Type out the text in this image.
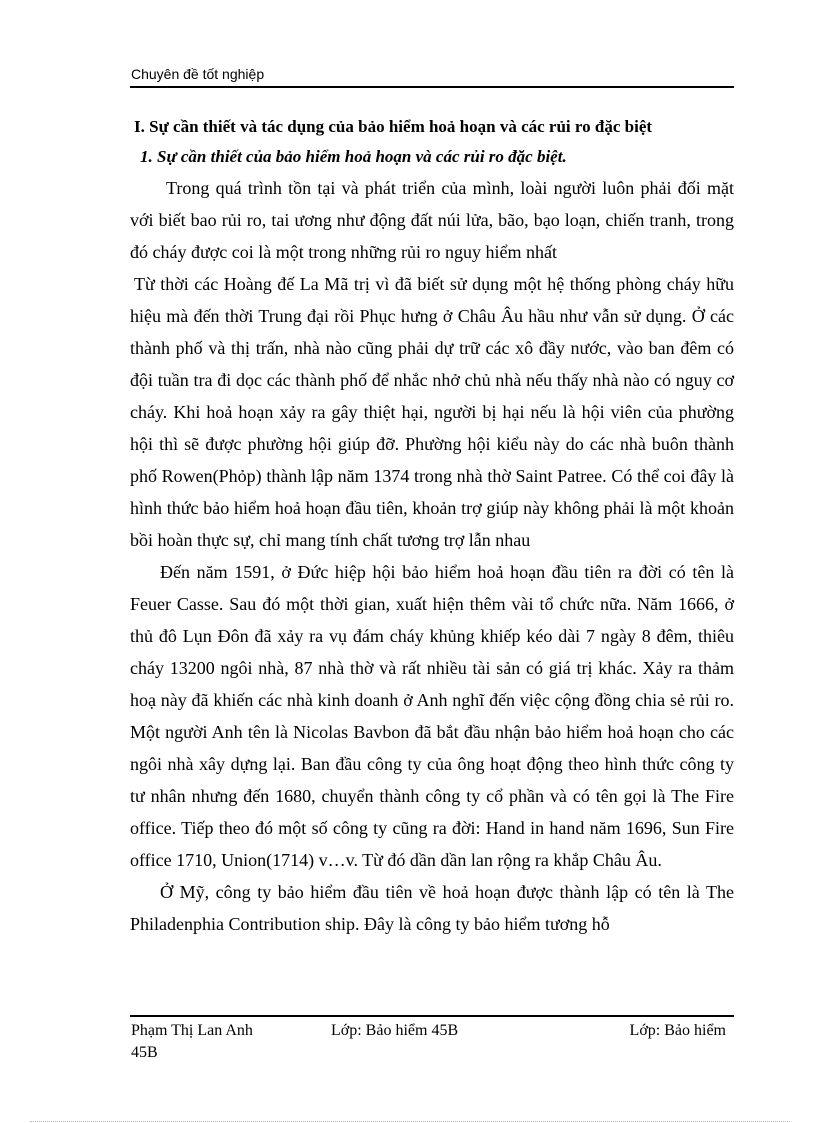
Chuyên đề tốt nghiệp

I. Sự cần thiết và tác dụng của bảo hiểm hoả hoạn và các rủi ro đặc biệt

1. Sự cần thiết của bảo hiểm hoả hoạn và các rủi ro đặc biệt.

Trong quá trình tồn tại và phát triển của mình, loài người luôn phải đối mặt với biết bao rủi ro, tai ương như động đất núi lửa, bão, bạo loạn, chiến tranh, trong đó cháy được coi là một trong những rủi ro nguy hiểm nhất

Từ thời các Hoàng đế La Mã trị vì đã biết sử dụng một hệ thống phòng cháy hữu hiệu mà đến thời Trung đại rồi Phục hưng ở Châu Âu hầu như vẫn sử dụng. Ở các thành phố và thị trấn, nhà nào cũng phải dự trữ các xô đầy nước, vào ban đêm có đội tuần tra đi dọc các thành phố để nhắc nhở chủ nhà nếu thấy nhà nào có nguy cơ cháy. Khi hoả hoạn xảy ra gây thiệt hại, người bị hại nếu là hội viên của phường hội thì sẽ được phường hội giúp đỡ. Phường hội kiểu này do các nhà buôn thành phố Rowen(Phỏp) thành lập năm 1374 trong nhà thờ Saint Patree. Có thể coi đây là hình thức bảo hiểm hoả hoạn đầu tiên, khoản trợ giúp này không phải là một khoản bồi hoàn thực sự, chỉ mang tính chất tương trợ lẫn nhau

Đến năm 1591, ở Đức hiệp hội bảo hiểm hoả hoạn đầu tiên ra đời có tên là Feuer Casse. Sau đó một thời gian, xuất hiện thêm vài tổ chức nữa. Năm 1666, ở thủ đô Lụn Đôn đã xảy ra vụ đám cháy khủng khiếp kéo dài 7 ngày 8 đêm, thiêu cháy 13200 ngôi nhà, 87 nhà thờ và rất nhiều tài sản có giá trị khác. Xảy ra thảm hoạ này đã khiến các nhà kinh doanh ở Anh nghĩ đến việc cộng đồng chia sẻ rủi ro. Một người Anh tên là Nicolas Bavbon đã bắt đầu nhận bảo hiểm hoả hoạn cho các ngôi nhà xây dựng lại. Ban đầu công ty của ông hoạt động theo hình thức công ty tư nhân nhưng đến 1680, chuyển thành công ty cổ phần và có tên gọi là The Fire office. Tiếp theo đó một số công ty cũng ra đời: Hand in hand năm 1696, Sun Fire office 1710, Union(1714) v…v. Từ đó dần dần lan rộng ra khắp Châu Âu.

Ở Mỹ, công ty bảo hiểm đầu tiên về hoả hoạn được thành lập có tên là The Philadenphia Contribution ship. Đây là công ty bảo hiểm tương hỗ

Phạm Thị Lan Anh 45B
Lớp: Bảo hiểm 45B	Lớp: Bảo hiểm
